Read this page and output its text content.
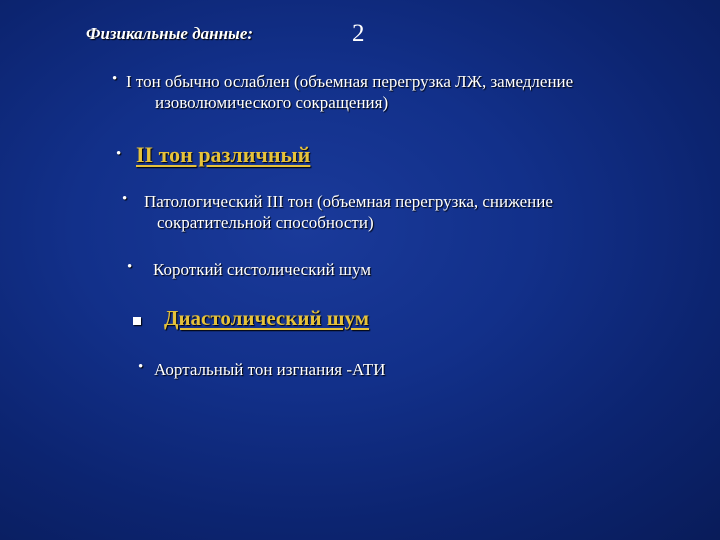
Физикальные данные:	2
• I тон обычно ослаблен (объемная перегрузка ЛЖ, замедление
изоволюмического сокращения)
• II тон различный
• Патологический III тон (объемная перегрузка, снижение
сократительной способности)
•	Короткий систолический шум
Диастолический шум
• Аортальный тон изгнания -АТИ
